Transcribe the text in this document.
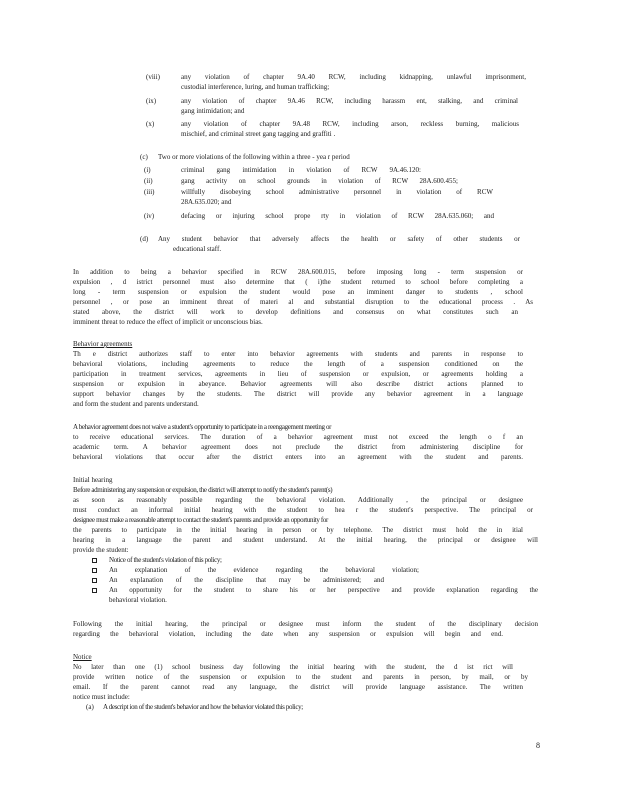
(viii)	any violation of chapter 9A.40 RCW, including kidnapping, unlawful imprisonment,
custodial interference, luring, and human trafficking;
(ix)	any violation of chapter 9A.46 RCW, including harassm ent, stalking, and criminal
gang intimidation; and
(x)	any violation of chapter 9A.48 RCW, including arson, reckless burning, malicious
mischief, and criminal street gang tagging and graffiti .
(c) Two or more violations of the following within a three - yea r period
(i)	criminal gang intimidation in violation of RCW 9A.46.120:
(ii)	gang activity on school grounds in violation of RCW 28A.600.455;
(iii)	willfully disobeying school administrative personnel in violation of RCW
28A.635.020; and
(iv)	defacing or injuring school prope rty in violation of RCW 28A.635.060; and
(d) Any student behavior that adversely affects the health or safety of other students or
educational staff.
In addition to being a behavior specified in RCW 28A.600.015, before imposing long - term suspension or
expulsion , d istrict personnel must also determine that ( i)the student returned to school before completing a
long - term suspension or expulsion the student would pose an imminent danger to students , school
personnel , or pose an imminent threat of materi al and substantial disruption to the educational process . As
stated above, the district will work to develop definitions and consensus on what constitutes such an
imminent threat to reduce the effect of implicit or unconscious bias.
Behavior agreements
Th e district authorizes staff to enter into behavior agreements with students and parents in response to
behavioral violations, including agreements to reduce the length of a suspension conditioned on the
participation in treatment services, agreements in lieu of suspension or expulsion, or agreements holding a
suspension or expulsion in abeyance. Behavior agreements will also describe district actions planned to
support behavior changes by the students. The district will provide any behavior agreement in a language
and form the student and parents understand.
A behavior agreement does not waive a student's opportunity to participate in a reengagement meeting or
to receive educational services. The duration of a behavior agreement must not exceed the length o f an
academic term. A behavior agreement does not preclude the district from administering discipline for
behavioral violations that occur after the district enters into an agreement with the student and parents.
Initial hearing
Before administering any suspension or expulsion, the district will attempt to notify the student's parent(s)
as soon as reasonably possible regarding the behavioral violation. Additionally , the principal or designee
must conduct an informal initial hearing with the student to hea r the student's perspective. The principal or
designee must make a reasonable attempt to contact the student's parents and provide an opportunity for
the parents to participate in the initial hearing in person or by telephone. The district must hold the in itial
hearing in a language the parent and student understand. At the initial hearing, the principal or designee will
provide the student:
Notice of the student's violation of this policy;
An explanation of the evidence regarding the behavioral violation;
An explanation of the discipline that may be administered; and
An opportunity for the student to share his or her perspective and provide explanation regarding the
behavioral violation.
Following the initial hearing, the principal or designee must inform the student of the disciplinary decision
regarding the behavioral violation, including the date when any suspension or expulsion will begin and end.
Notice
No later than one (1) school business day following the initial hearing with the student, the d ist rict will
provide written notice of the suspension or expulsion to the student and parents in person, by mail, or by
email. If the parent cannot read any language, the district will provide language assistance. The written
notice must include:
(a) A descript ion of the student's behavior and how the behavior violated this policy;
8
